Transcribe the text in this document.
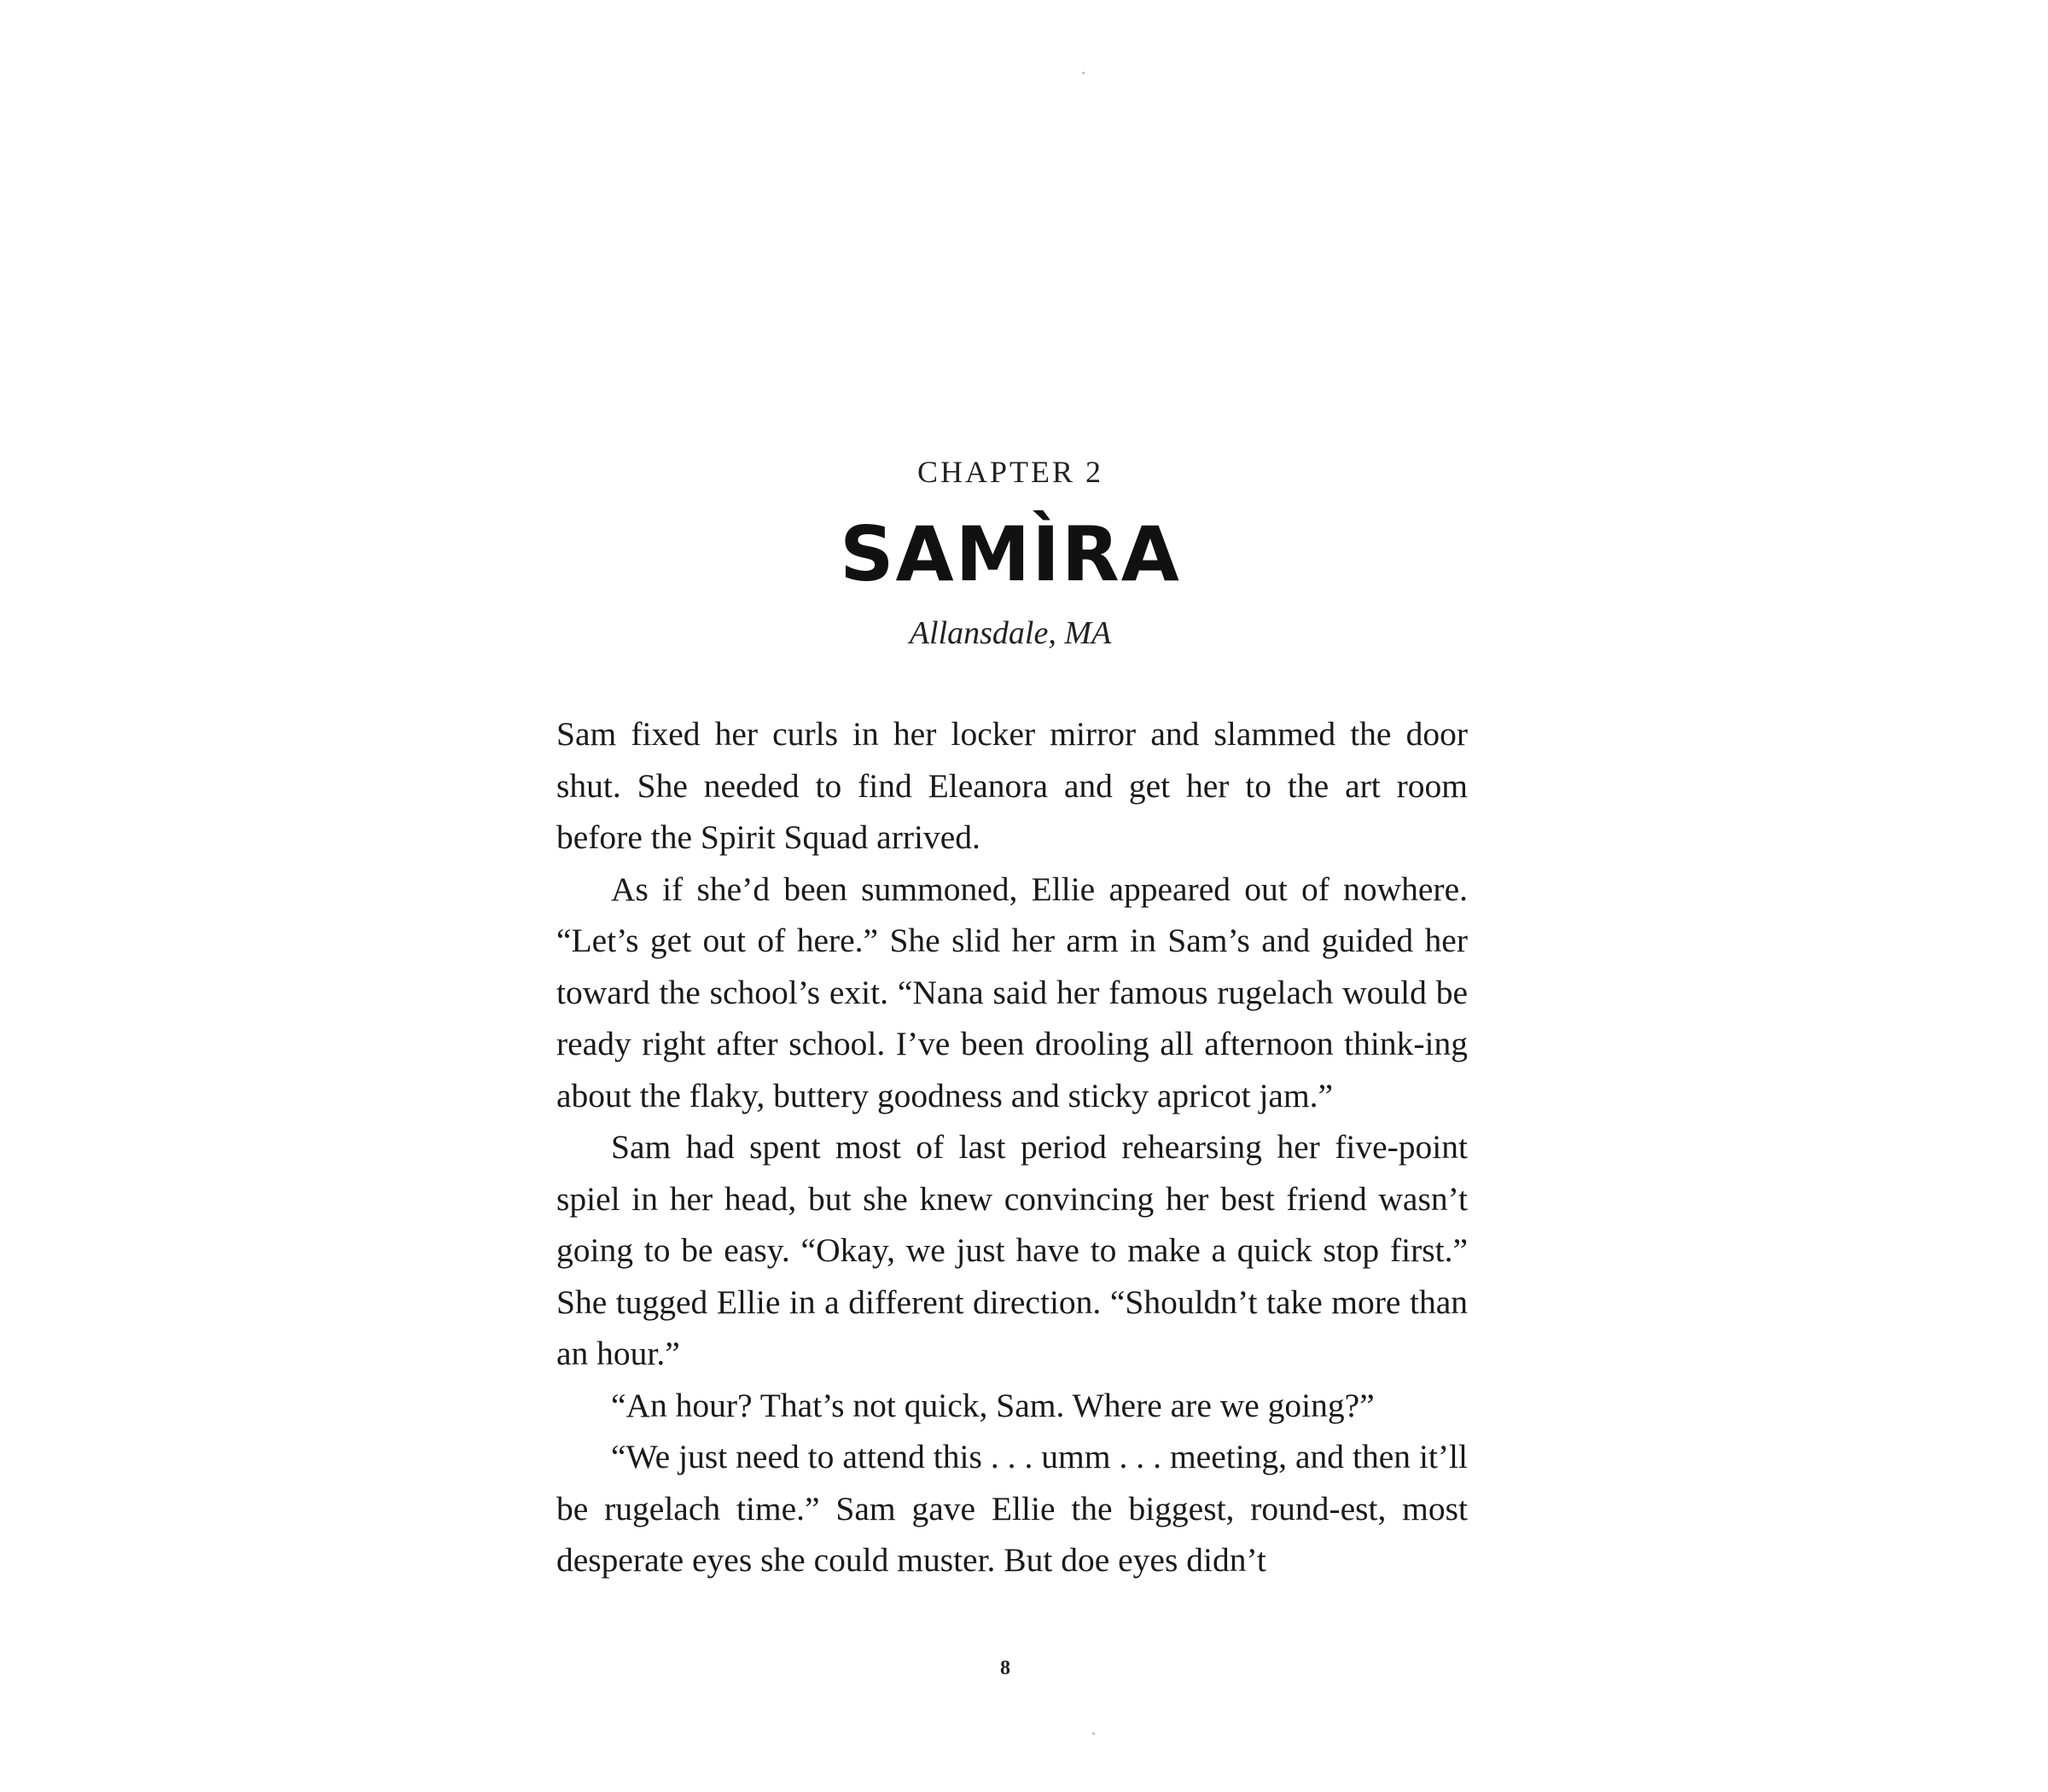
CHAPTER 2
SAMÌRA
Allansdale, MA

Sam fixed her curls in her locker mirror and slammed the door shut. She needed to find Eleanora and get her to the art room before the Spirit Squad arrived.

As if she’d been summoned, Ellie appeared out of nowhere. “Let’s get out of here.” She slid her arm in Sam’s and guided her toward the school’s exit. “Nana said her famous rugelach would be ready right after school. I’ve been drooling all afternoon think-ing about the flaky, buttery goodness and sticky apricot jam.”

Sam had spent most of last period rehearsing her five-point spiel in her head, but she knew convincing her best friend wasn’t going to be easy. “Okay, we just have to make a quick stop first.” She tugged Ellie in a different direction. “Shouldn’t take more than an hour.”

“An hour? That’s not quick, Sam. Where are we going?”

“We just need to attend this . . . umm . . . meeting, and then it’ll be rugelach time.” Sam gave Ellie the biggest, round-est, most desperate eyes she could muster. But doe eyes didn’t

8
